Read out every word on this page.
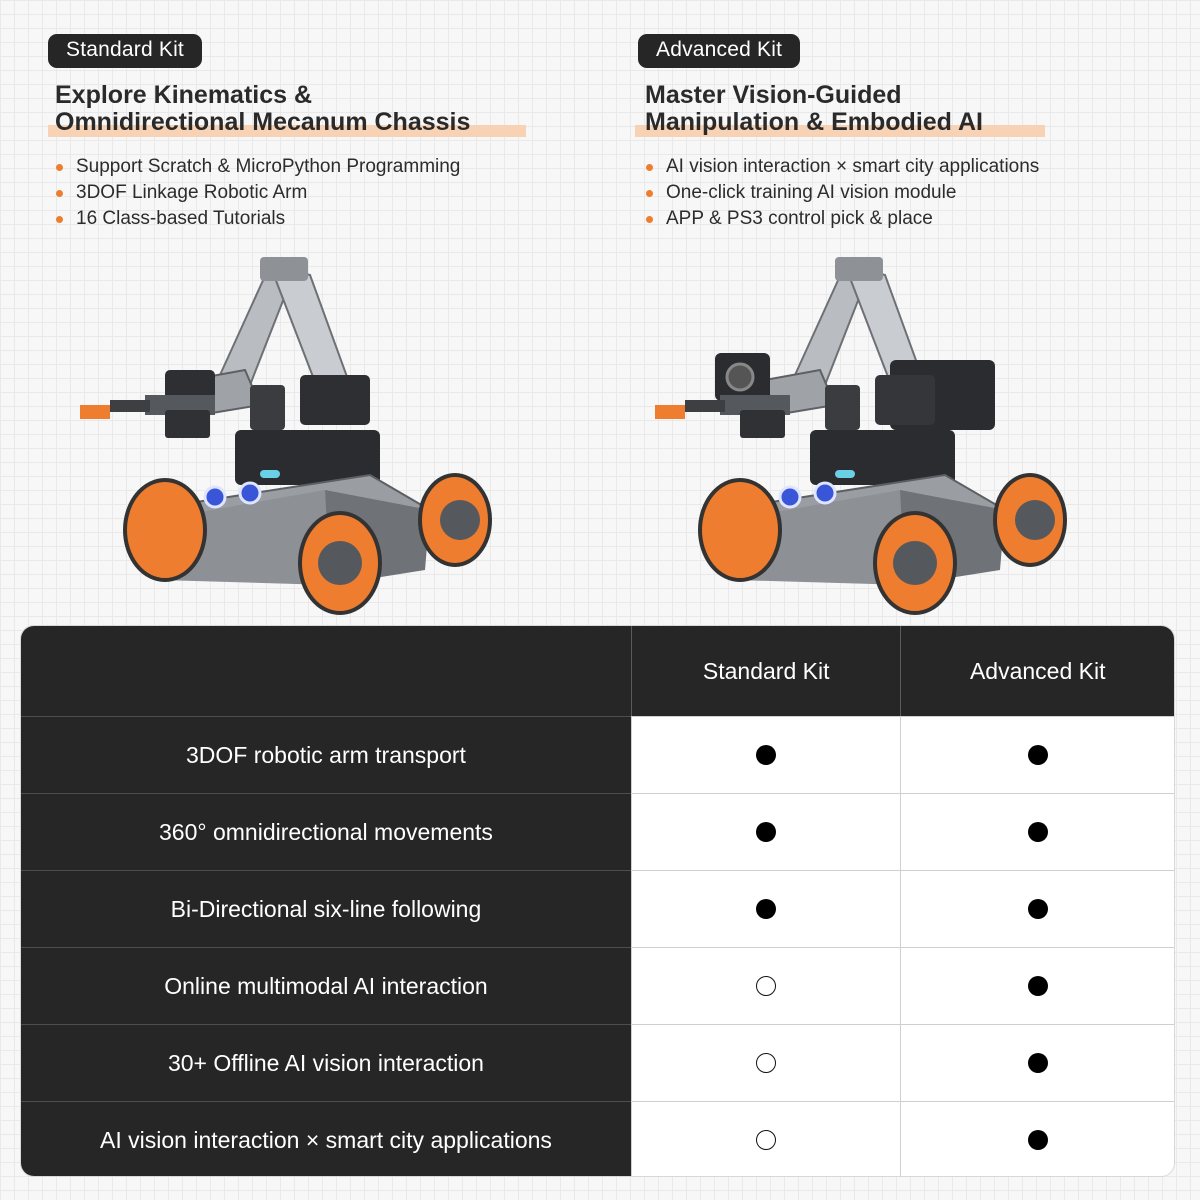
Standard Kit
Explore Kinematics &
Omnidirectional Mecanum Chassis
Support Scratch & MicroPython Programming
3DOF Linkage Robotic Arm
16 Class-based Tutorials
Advanced Kit
Master Vision-Guided
Manipulation & Embodied AI
AI vision interaction × smart city applications
One-click training AI vision module
APP & PS3 control pick & place
Standard Kit	Advanced Kit
3DOF robotic arm transport
360° omnidirectional movements
Bi-Directional six-line following
Online multimodal AI interaction
30+ Offline AI vision interaction
AI vision interaction × smart city applications
